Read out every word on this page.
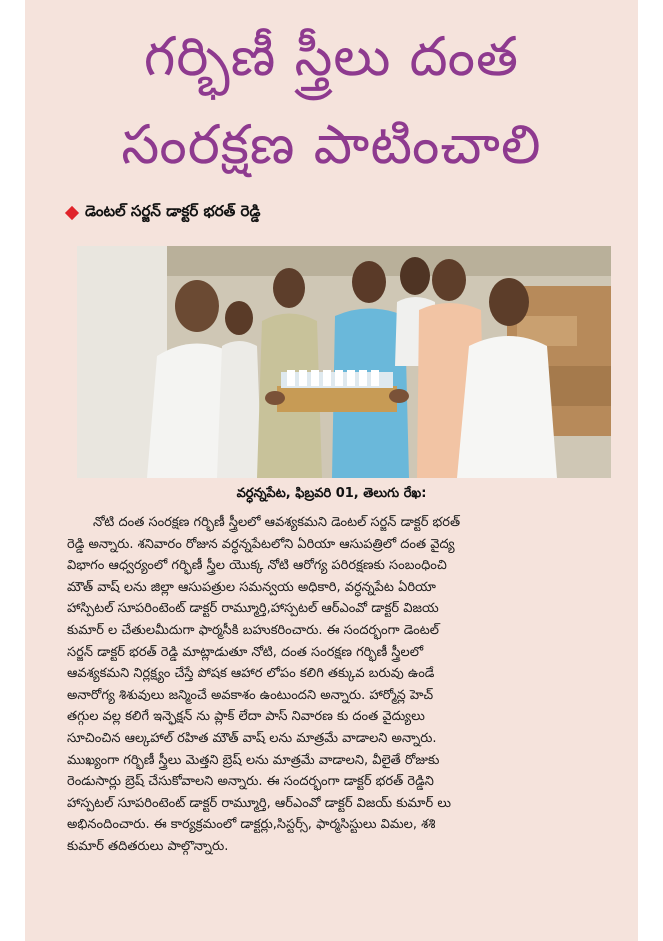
గర్భిణీ స్త్రీలు దంత
సంరక్షణ పాటించాలి
డెంటల్ సర్జన్ డాక్టర్ భరత్ రెడ్డి
వర్ధన్నపేట, ఫిబ్రవరి 01, తెలుగు రేఖ:
నోటి దంత సంరక్షణ గర్భిణీ స్త్రీలలో ఆవశ్యకమని డెంటల్ సర్జన్ డాక్టర్ భరత్
రెడ్డి అన్నారు. శనివారం రోజున వర్ధన్నపేటలోని ఏరియా ఆసుపత్రిలో దంత వైద్య
విభాగం ఆధ్వర్యంలో గర్భిణీ స్త్రీల యొక్క నోటి ఆరోగ్య పరిరక్షణకు సంబంధించి
మౌత్ వాష్ లను జిల్లా ఆసుపత్రుల సమన్వయ అధికారి, వర్ధన్నపేట ఏరియా
హాస్పిటల్ సూపరింటెంట్ డాక్టర్ రామ్మూర్తి,హాస్పటల్ ఆర్ఎంవో డాక్టర్ విజయ
కుమార్ ల చేతులమీదుగా ఫార్మసీకి బహుకరించారు. ఈ సందర్భంగా డెంటల్
సర్జన్ డాక్టర్ భరత్ రెడ్డి మాట్లాడుతూ నోటి, దంత సంరక్షణ గర్భిణీ స్త్రీలలో
ఆవశ్యకమని నిర్లక్ష్యం చేస్తే పోషక ఆహార లోపం కలిగి తక్కువ బరువు ఉండే
అనారోగ్య శిశువులు జన్మించే అవకాశం ఉంటుందని అన్నారు. హార్మోన్ల హెచ్
తగ్గుల వల్ల కలిగే ఇన్ఫెక్షన్ ను ప్లాక్ లేదా పాస్ నివారణ కు దంత వైద్యులు
సూచించిన ఆల్కహాల్ రహిత మౌత్ వాష్ లను మాత్రమే వాడాలని అన్నారు.
ముఖ్యంగా గర్భిణీ స్త్రీలు మెత్తని బ్రెష్ లను మాత్రమే వాడాలని, వీలైతే రోజుకు
రెండుసార్లు బ్రెష్ చేసుకోవాలని అన్నారు. ఈ సందర్భంగా డాక్టర్ భరత్ రెడ్డిని
హాస్పటల్ సూపరింటెంట్ డాక్టర్ రామ్మూర్తి, ఆర్ఎంవో డాక్టర్ విజయ్ కుమార్ లు
అభినందించారు. ఈ కార్యక్రమంలో డాక్టర్లు,సిస్టర్స్, ఫార్మసిస్టులు విమల, శశి
కుమార్ తదితరులు పాల్గొన్నారు.
